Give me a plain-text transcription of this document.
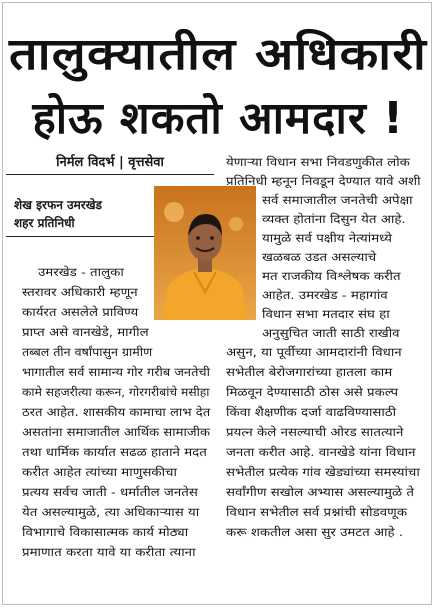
तालुक्यातील अधिकारी
होऊ शकतो आमदार !
निर्मल विदर्भ | वृत्तसेवा
शेख इरफन उमरखेड
शहर प्रतिनिधी
उमरखेड - तालुका
स्तरावर अधिकारी म्हणून
कार्यरत असलेले प्राविण्य
प्राप्त असे वानखेडे, मागील
तब्बल तीन वर्षांपासुन ग्रामीण
भागातील सर्व सामान्य गोर गरीब जनतेची
कामे सहजरीत्या करून, गोरगरीबांचे मसीहा
ठरत आहेत. शासकीय कामाचा लाभ देत
असतांना समाजातील आर्थिक सामाजीक
तथा धार्मिक कार्यात सढळ हाताने मदत
करीत आहेत त्यांच्या माणुसकीचा
प्रत्यय सर्वच जाती - धर्मातील जनतेस
येत असल्यामुळे, त्या अधिकाऱ्यास या
विभागाचे विकासात्मक कार्य मोठ्या
प्रमाणात करता यावे या करीता त्याना
येणाऱ्या विधान सभा निवडणुकीत लोक
प्रतिनिधी म्हनून निवडून देण्यात यावे अशी
सर्व समाजातील जनतेची अपेक्षा
व्यक्त होतांना दिसुन येत आहे.
यामुळे सर्व पक्षीय नेत्यांमध्ये
खळबळ उडत असल्याचे
मत राजकीय विश्लेषक करीत
आहेत. उमरखेड - महागांव
विधान सभा मतदार संघ हा
अनुसुचित जाती साठी राखीव
असुन, या पूर्वीच्या आमदारांनी विधान
सभेतील बेरोजगारांच्या हातला काम
मिळवून देण्यासाठी ठोस असे प्रकल्प
किंवा शैक्षणीक दर्जा वाढविण्यासाठी
प्रयत्न केले नसल्याची ओरड सातत्याने
जनता करीत आहे. वानखेडे यांना विधान
सभेतील प्रत्येक गांव खेड्यांच्या समस्यांचा
सर्वांगीण सखोल अभ्यास असल्यामुळे ते
विधान सभेतील सर्व प्रश्नांची सोडवणूक
करू शकतील असा सुर उमटत आहे .
